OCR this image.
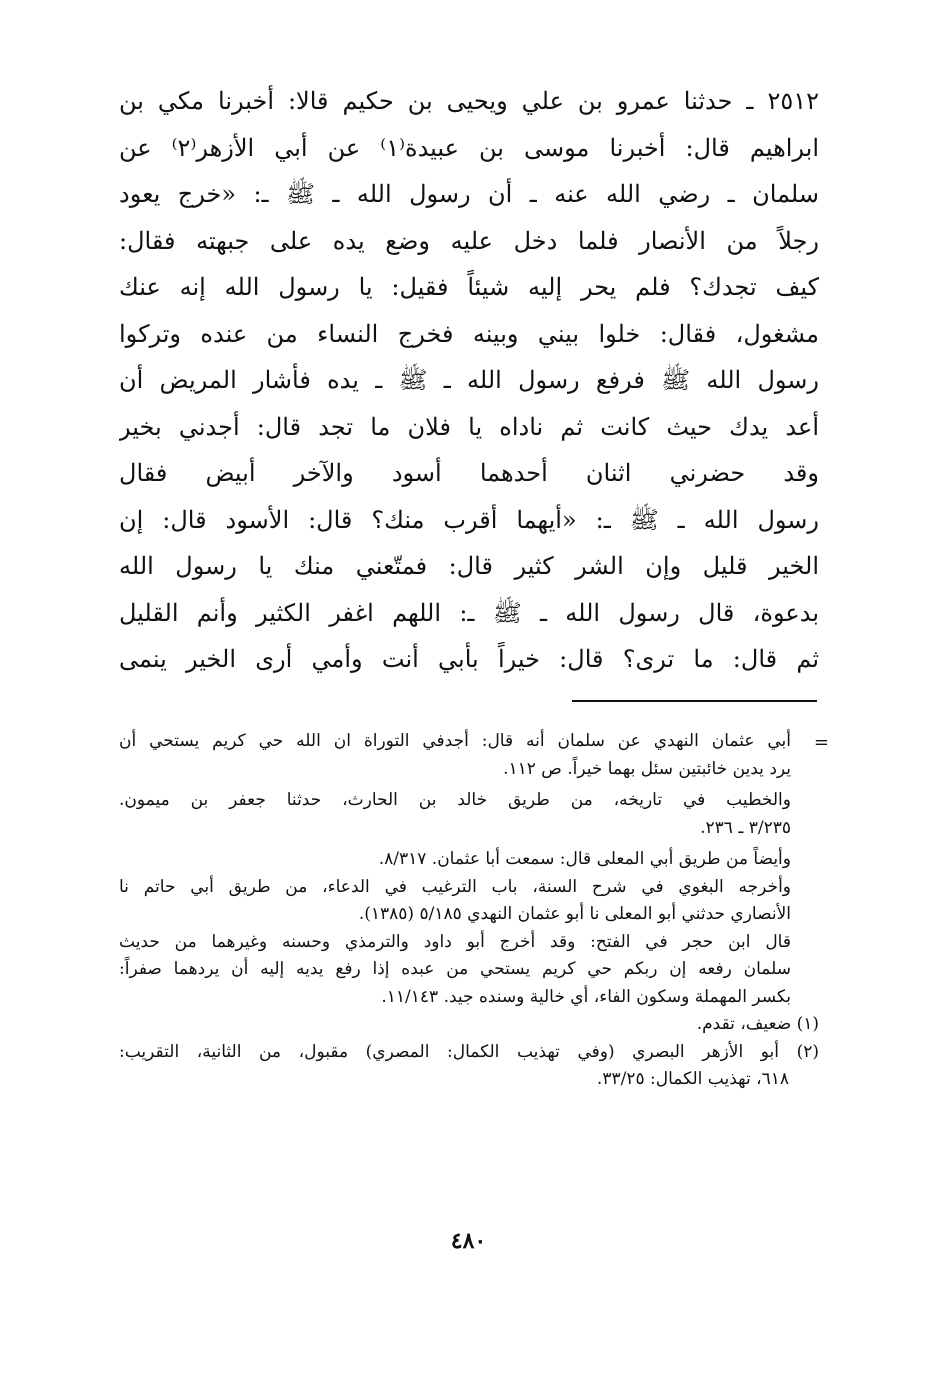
٢٥١٢ ـ حدثنا عمرو بن علي ويحيى بن حكيم قالا: أخبرنا مكي بن
ابراهيم قال: أخبرنا موسى بن عبيدة⁽١⁾ عن أبي الأزهر⁽٢⁾ عن
سلمان ـ رضي الله عنه ـ أن رسول الله ـ ﷺ ـ: «خرج يعود
رجلاً من الأنصار فلما دخل عليه وضع يده على جبهته فقال:
كيف تجدك؟ فلم يحر إليه شيئاً فقيل: يا رسول الله إنه عنك
مشغول، فقال: خلوا بيني وبينه فخرج النساء من عنده وتركوا
رسول الله ﷺ فرفع رسول الله ـ ﷺ ـ يده فأشار المريض أن
أعد يدك حيث كانت ثم ناداه يا فلان ما تجد قال: أجدني بخير
وقد حضرني اثنان أحدهما أسود والآخر أبيض فقال
رسول الله ـ ﷺ ـ: «أيهما أقرب منك؟ قال: الأسود قال: إن
الخير قليل وإن الشر كثير قال: فمتّعني منك يا رسول الله
بدعوة، قال رسول الله ـ ﷺ ـ: اللهم اغفر الكثير وأنم القليل
ثم قال: ما ترى؟ قال: خيراً بأبي أنت وأمي أرى الخير ينمى
=
أبي عثمان النهدي عن سلمان أنه قال: أجدفي التوراة ان الله حي كريم يستحي أن
يرد يدين خائبتين سئل بهما خيراً. ص ١١٢.
والخطيب في تاريخه، من طريق خالد بن الحارث، حدثنا جعفر بن ميمون.
٣/٢٣٥ ـ ٢٣٦.
وأيضاً من طريق أبي المعلى قال: سمعت أبا عثمان. ٨/٣١٧.
وأخرجه البغوي في شرح السنة، باب الترغيب في الدعاء، من طريق أبي حاتم نا
الأنصاري حدثني أبو المعلى نا أبو عثمان النهدي ٥/١٨٥ (١٣٨٥).
قال ابن حجر في الفتح: وقد أخرج أبو داود والترمذي وحسنه وغيرهما من حديث
سلمان رفعه إن ربكم حي كريم يستحي من عبده إذا رفع يديه إليه أن يردهما صفراً:
بكسر المهملة وسكون الفاء، أي خالية وسنده جيد. ١١/١٤٣.
(١) ضعيف، تقدم.
(٢) أبو الأزهر البصري (وفي تهذيب الكمال: المصري) مقبول، من الثانية، التقريب:
٦١٨، تهذيب الكمال: ٣٣/٢٥.
٤٨٠
